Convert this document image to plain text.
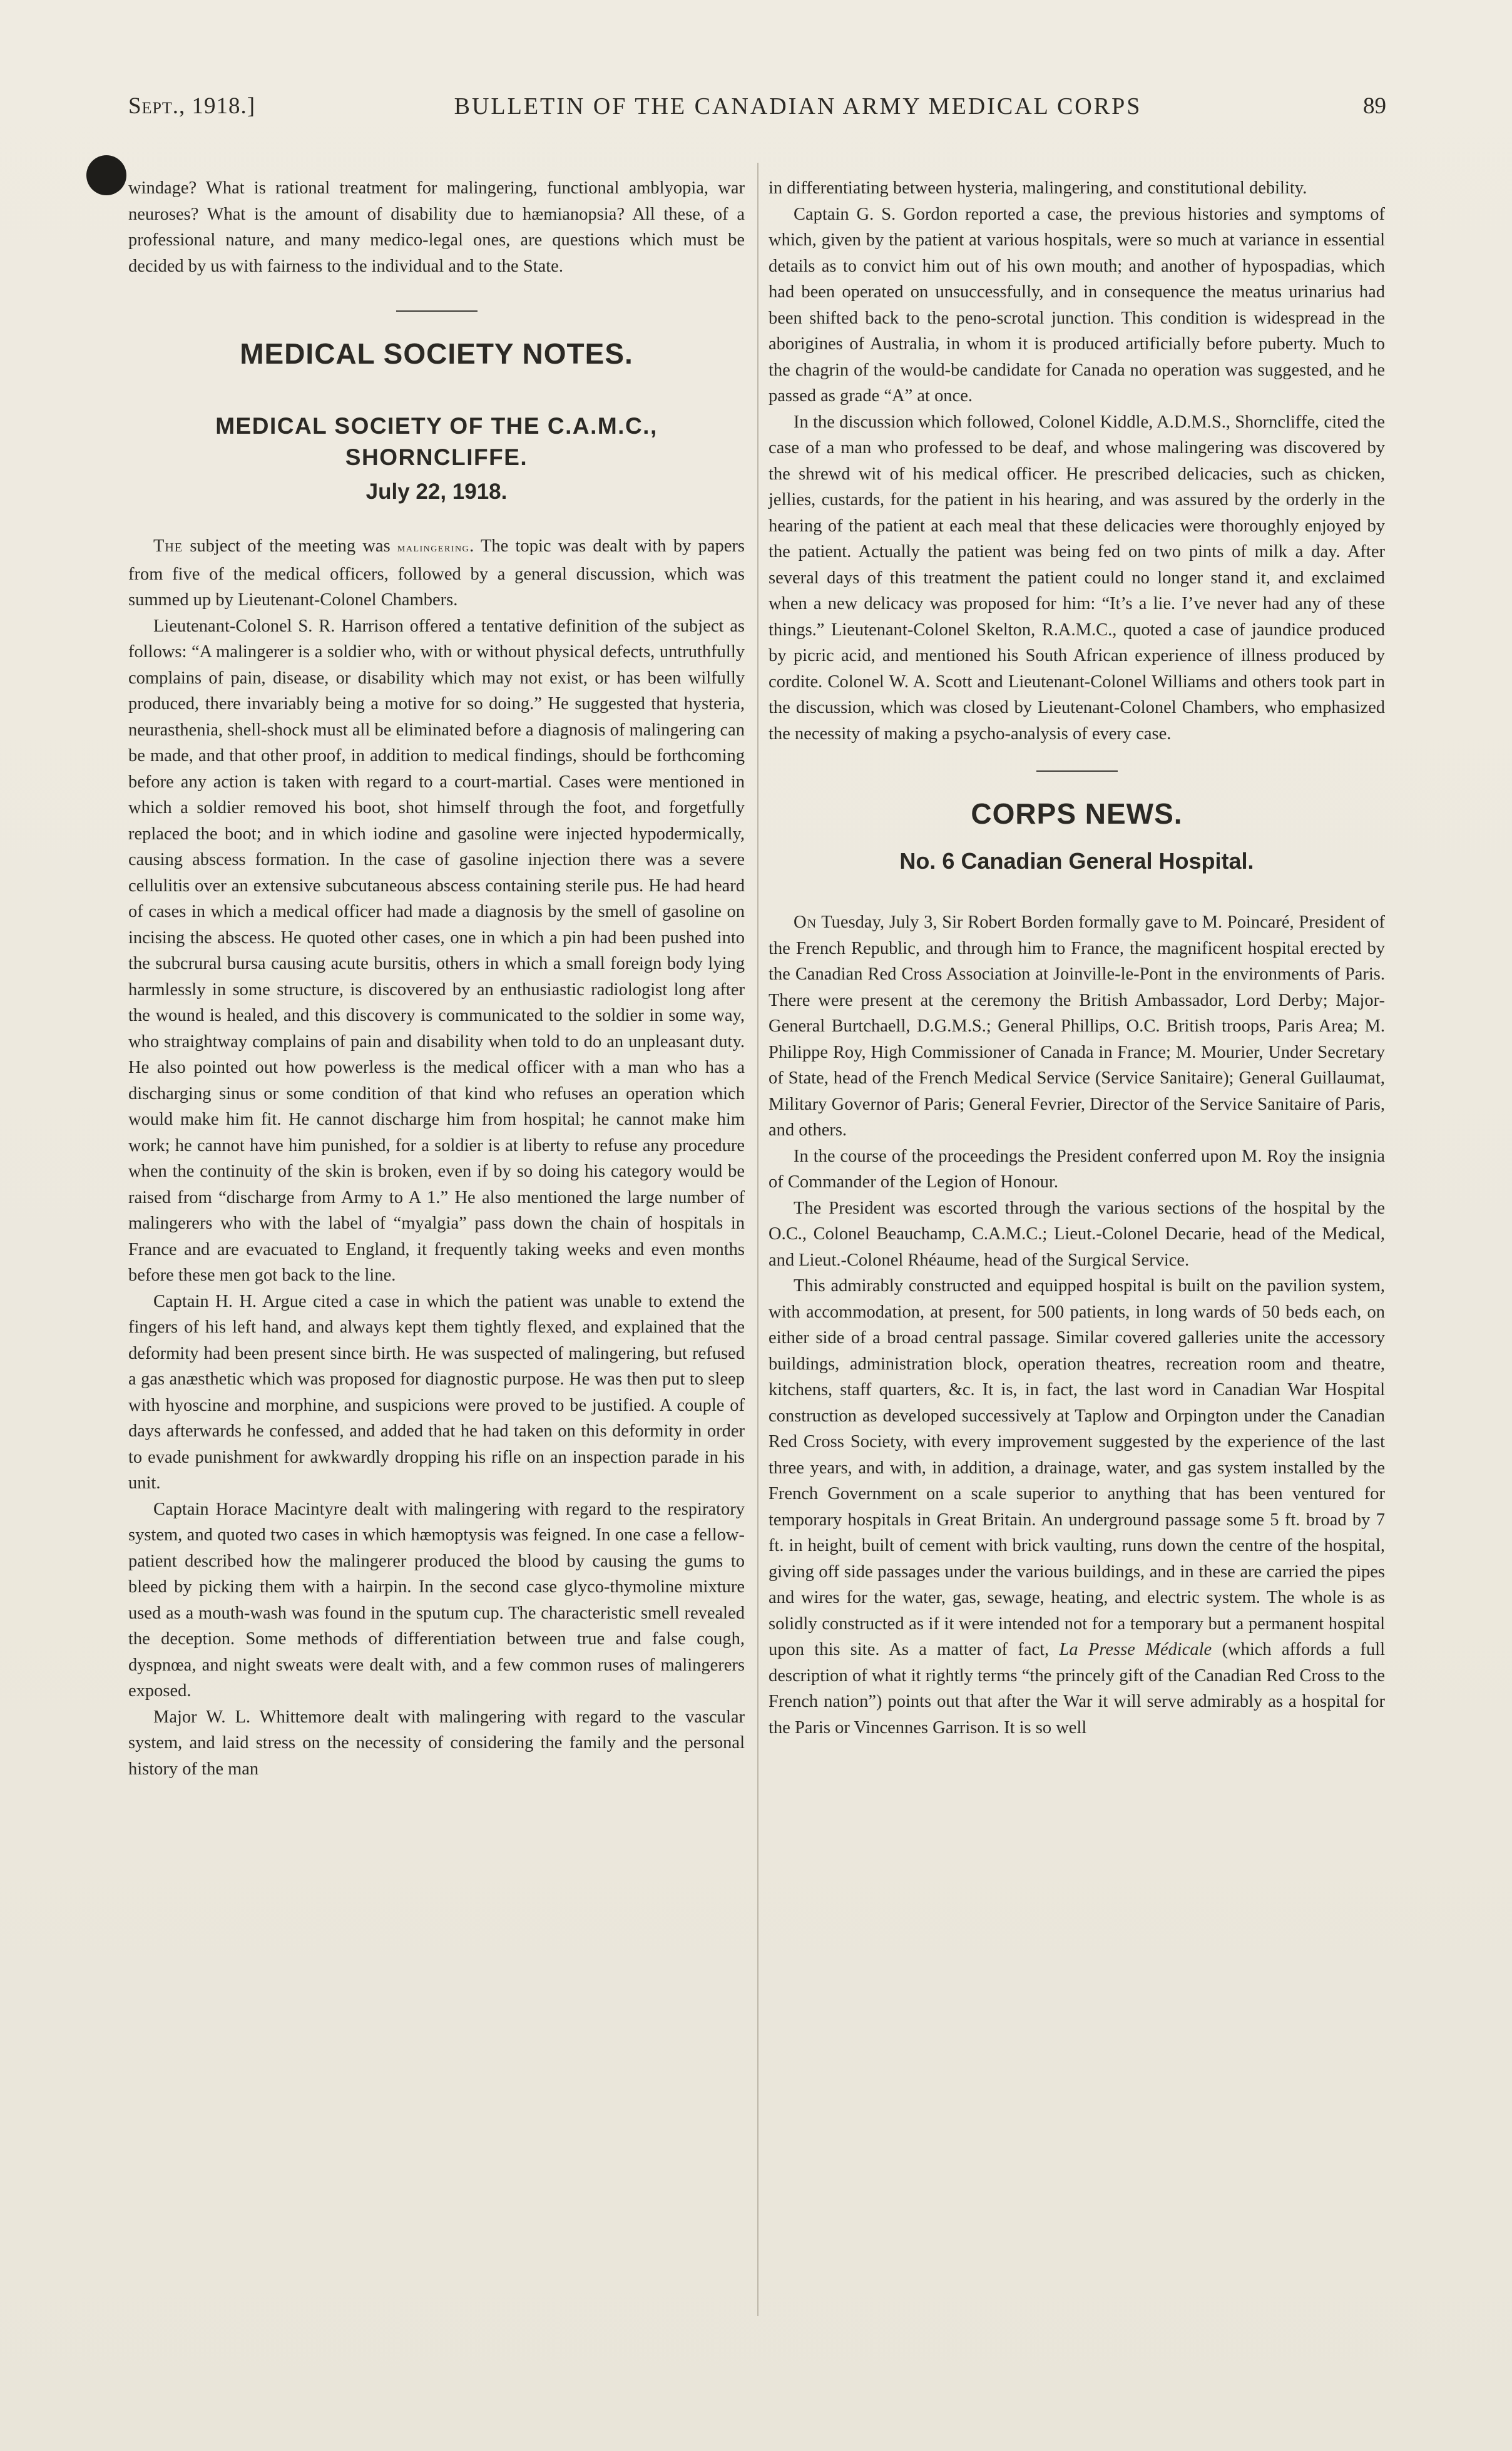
Sept., 1918.]	BULLETIN OF THE CANADIAN ARMY MEDICAL CORPS	89

windage? What is rational treatment for malingering, functional amblyopia, war neuroses? What is the amount of disability due to hæmianopsia? All these, of a professional nature, and many medico-legal ones, are questions which must be decided by us with fairness to the individual and to the State.

MEDICAL SOCIETY NOTES.
MEDICAL SOCIETY OF THE C.A.M.C., SHORNCLIFFE.
July 22, 1918.

The subject of the meeting was malingering. The topic was dealt with by papers from five of the medical officers, followed by a general discussion, which was summed up by Lieutenant-Colonel Chambers.

Lieutenant-Colonel S. R. Harrison offered a tentative definition of the subject as follows: “A malingerer is a soldier who, with or without physical defects, untruthfully complains of pain, disease, or disability which may not exist, or has been wilfully produced, there invariably being a motive for so doing.” He suggested that hysteria, neurasthenia, shell-shock must all be eliminated before a diagnosis of malingering can be made, and that other proof, in addition to medical findings, should be forthcoming before any action is taken with regard to a court-martial. Cases were mentioned in which a soldier removed his boot, shot himself through the foot, and forgetfully replaced the boot; and in which iodine and gasoline were injected hypodermically, causing abscess formation. In the case of gasoline injection there was a severe cellulitis over an extensive subcutaneous abscess containing sterile pus. He had heard of cases in which a medical officer had made a diagnosis by the smell of gasoline on incising the abscess. He quoted other cases, one in which a pin had been pushed into the subcrural bursa causing acute bursitis, others in which a small foreign body lying harmlessly in some structure, is discovered by an enthusiastic radiologist long after the wound is healed, and this discovery is communicated to the soldier in some way, who straightway complains of pain and disability when told to do an unpleasant duty. He also pointed out how powerless is the medical officer with a man who has a discharging sinus or some condition of that kind who refuses an operation which would make him fit. He cannot discharge him from hospital; he cannot make him work; he cannot have him punished, for a soldier is at liberty to refuse any procedure when the continuity of the skin is broken, even if by so doing his category would be raised from “discharge from Army to A 1.” He also mentioned the large number of malingerers who with the label of “myalgia” pass down the chain of hospitals in France and are evacuated to England, it frequently taking weeks and even months before these men got back to the line.

Captain H. H. Argue cited a case in which the patient was unable to extend the fingers of his left hand, and always kept them tightly flexed, and explained that the deformity had been present since birth. He was suspected of malingering, but refused a gas anæsthetic which was proposed for diagnostic purpose. He was then put to sleep with hyoscine and morphine, and suspicions were proved to be justified. A couple of days afterwards he confessed, and added that he had taken on this deformity in order to evade punishment for awkwardly dropping his rifle on an inspection parade in his unit.

Captain Horace Macintyre dealt with malingering with regard to the respiratory system, and quoted two cases in which hæmoptysis was feigned. In one case a fellow-patient described how the malingerer produced the blood by causing the gums to bleed by picking them with a hairpin. In the second case glyco-thymoline mixture used as a mouth-wash was found in the sputum cup. The characteristic smell revealed the deception. Some methods of differentiation between true and false cough, dyspnœa, and night sweats were dealt with, and a few common ruses of malingerers exposed.

Major W. L. Whittemore dealt with malingering with regard to the vascular system, and laid stress on the necessity of considering the family and the personal history of the man

in differentiating between hysteria, malingering, and constitutional debility.

Captain G. S. Gordon reported a case, the previous histories and symptoms of which, given by the patient at various hospitals, were so much at variance in essential details as to convict him out of his own mouth; and another of hypospadias, which had been operated on unsuccessfully, and in consequence the meatus urinarius had been shifted back to the peno-scrotal junction. This condition is widespread in the aborigines of Australia, in whom it is produced artificially before puberty. Much to the chagrin of the would-be candidate for Canada no operation was suggested, and he passed as grade “A” at once.

In the discussion which followed, Colonel Kiddle, A.D.M.S., Shorncliffe, cited the case of a man who professed to be deaf, and whose malingering was discovered by the shrewd wit of his medical officer. He prescribed delicacies, such as chicken, jellies, custards, for the patient in his hearing, and was assured by the orderly in the hearing of the patient at each meal that these delicacies were thoroughly enjoyed by the patient. Actually the patient was being fed on two pints of milk a day. After several days of this treatment the patient could no longer stand it, and exclaimed when a new delicacy was proposed for him: “It’s a lie. I’ve never had any of these things.” Lieutenant-Colonel Skelton, R.A.M.C., quoted a case of jaundice produced by picric acid, and mentioned his South African experience of illness produced by cordite. Colonel W. A. Scott and Lieutenant-Colonel Williams and others took part in the discussion, which was closed by Lieutenant-Colonel Chambers, who emphasized the necessity of making a psycho-analysis of every case.

CORPS NEWS.
No. 6 Canadian General Hospital.

On Tuesday, July 3, Sir Robert Borden formally gave to M. Poincaré, President of the French Republic, and through him to France, the magnificent hospital erected by the Canadian Red Cross Association at Joinville-le-Pont in the environments of Paris. There were present at the ceremony the British Ambassador, Lord Derby; Major-General Burtchaell, D.G.M.S.; General Phillips, O.C. British troops, Paris Area; M. Philippe Roy, High Commissioner of Canada in France; M. Mourier, Under Secretary of State, head of the French Medical Service (Service Sanitaire); General Guillaumat, Military Governor of Paris; General Fevrier, Director of the Service Sanitaire of Paris, and others.

In the course of the proceedings the President conferred upon M. Roy the insignia of Commander of the Legion of Honour.

The President was escorted through the various sections of the hospital by the O.C., Colonel Beauchamp, C.A.M.C.; Lieut.-Colonel Decarie, head of the Medical, and Lieut.-Colonel Rhéaume, head of the Surgical Service.

This admirably constructed and equipped hospital is built on the pavilion system, with accommodation, at present, for 500 patients, in long wards of 50 beds each, on either side of a broad central passage. Similar covered galleries unite the accessory buildings, administration block, operation theatres, recreation room and theatre, kitchens, staff quarters, &c. It is, in fact, the last word in Canadian War Hospital construction as developed successively at Taplow and Orpington under the Canadian Red Cross Society, with every improvement suggested by the experience of the last three years, and with, in addition, a drainage, water, and gas system installed by the French Government on a scale superior to anything that has been ventured for temporary hospitals in Great Britain. An underground passage some 5 ft. broad by 7 ft. in height, built of cement with brick vaulting, runs down the centre of the hospital, giving off side passages under the various buildings, and in these are carried the pipes and wires for the water, gas, sewage, heating, and electric system. The whole is as solidly constructed as if it were intended not for a temporary but a permanent hospital upon this site. As a matter of fact, La Presse Médicale (which affords a full description of what it rightly terms “the princely gift of the Canadian Red Cross to the French nation”) points out that after the War it will serve admirably as a hospital for the Paris or Vincennes Garrison. It is so well
